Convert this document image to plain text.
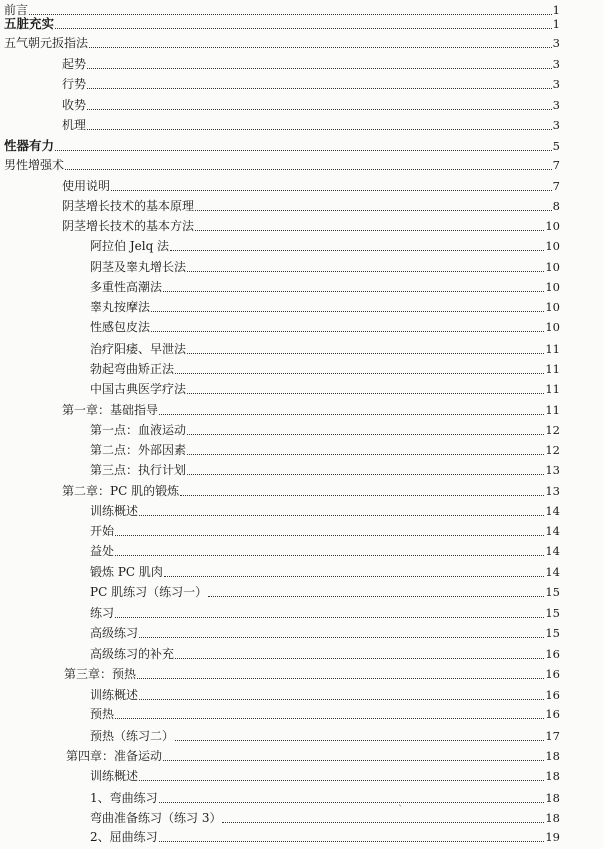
前言	1
五脏充实	1
五气朝元扳指法	3
起势	3
行势	3
收势	3
机理	3
性器有力	5
男性增强术	7
使用说明	7
阴茎增长技术的基本原理	8
阴茎增长技术的基本方法	10
阿拉伯 Jelq 法	10
阴茎及睾丸增长法	10
多重性高潮法	10
睾丸按摩法	10
性感包皮法	10
治疗阳痿、早泄法	11
勃起弯曲矫正法	11
中国古典医学疗法	11
第一章：基础指导	11
第一点：血液运动	12
第二点：外部因素	12
第三点：执行计划	13
第二章：PC 肌的锻炼	13
训练概述	14
开始	14
益处	14
锻炼 PC 肌肉	14
PC 肌练习（练习一）	15
练习	15
高级练习	15
高级练习的补充	16
第三章：预热	16
训练概述	16
预热	16
预热（练习二）	17
第四章：准备运动	18
训练概述	18
1、弯曲练习	18
弯曲准备练习（练习 3）	18
2、屈曲练习	19
`
